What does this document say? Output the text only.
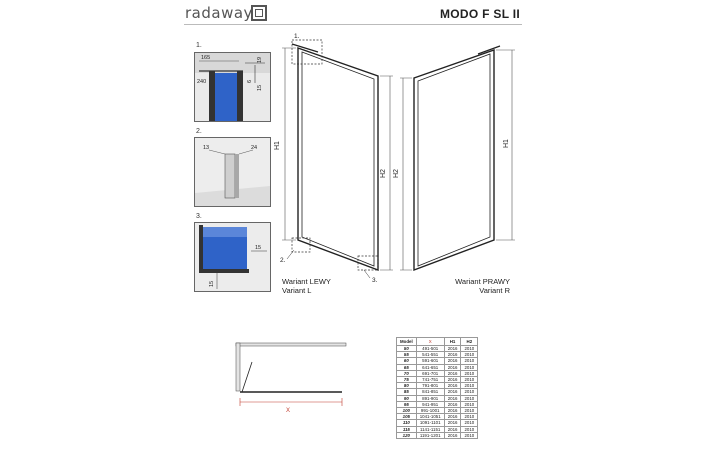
radaway	MODO F SL II
1.
165	19
240	6
15
2.
13	24
3.
15
15
H1
H2
1.
2.
3.
H2
H1
X
Wariant LEWY
Variant L
Wariant PRAWY
Variant R
Model	X	H1	H2
50	491-501	2016	2010
55	541-551	2016	2010
60	591-601	2016	2010
65	641-651	2016	2010
70	691-701	2016	2010
75	741-751	2016	2010
80	791-801	2016	2010
85	841-851	2016	2010
90	891-901	2016	2010
95	941-951	2016	2010
100	991-1001	2016	2010
105	1041-1051	2016	2010
110	1091-1101	2016	2010
115	1141-1151	2016	2010
120	1191-1201	2016	2010
